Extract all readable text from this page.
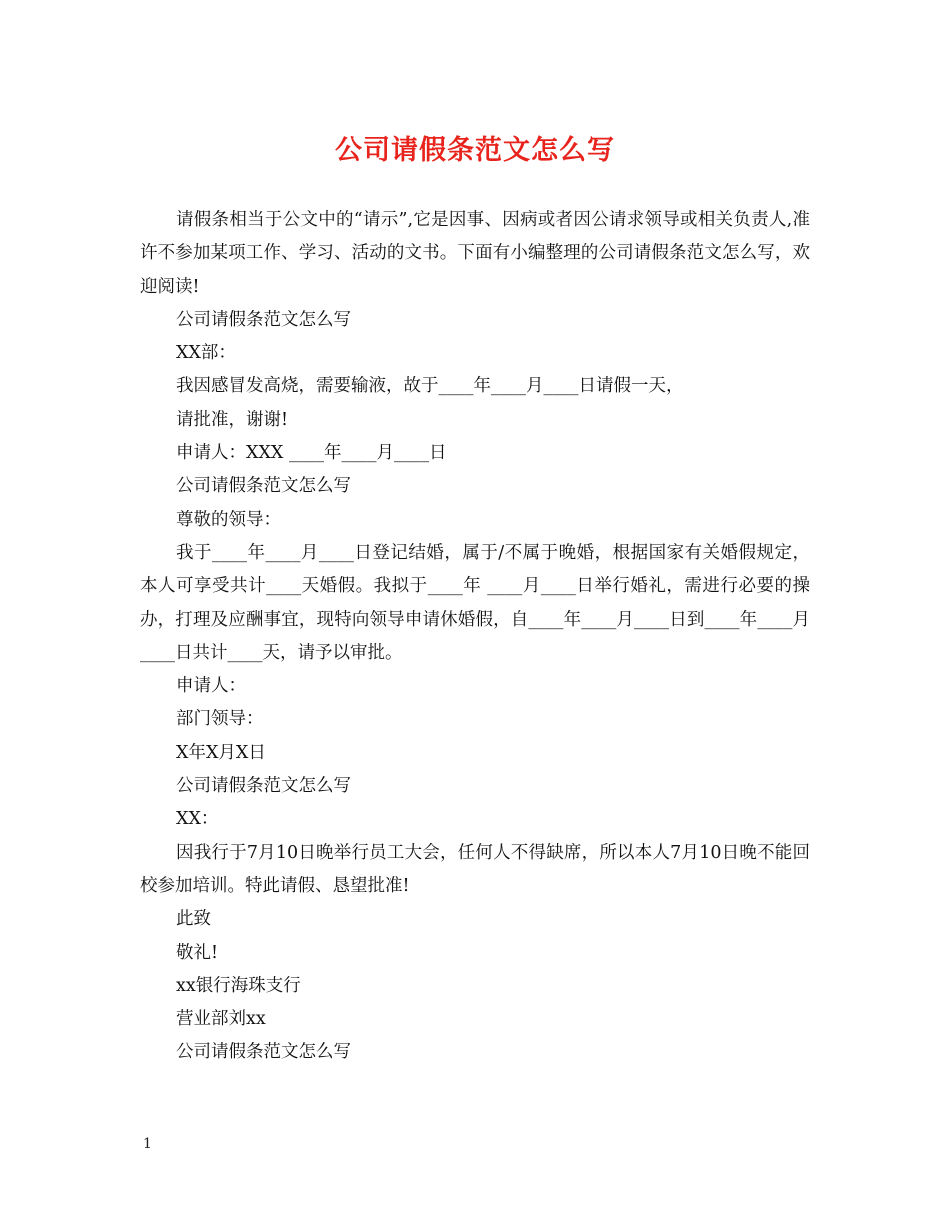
公司请假条范文怎么写

请假条相当于公文中的“请示”,它是因事、因病或者因公请求领导或相关负责人,准许不参加某项工作、学习、活动的文书。下面有小编整理的公司请假条范文怎么写，欢迎阅读!

公司请假条范文怎么写

XX部：

我因感冒发高烧，需要输液，故于____年____月____日请假一天，

请批准，谢谢!

申请人：XXX ____年____月____日

公司请假条范文怎么写

尊敬的领导：

我于____年____月____日登记结婚，属于/不属于晚婚，根据国家有关婚假规定，本人可享受共计____天婚假。我拟于____年 ____月____日举行婚礼，需进行必要的操办，打理及应酬事宜，现特向领导申请休婚假，自____年____月____日到____年____月 ____日共计____天，请予以审批。

申请人：

部门领导：

X年X月X日

公司请假条范文怎么写

XX：

因我行于7月10日晚举行员工大会，任何人不得缺席，所以本人7月10日晚不能回校参加培训。特此请假、恳望批准!

此致

敬礼!

xx银行海珠支行

营业部刘xx

公司请假条范文怎么写

1
